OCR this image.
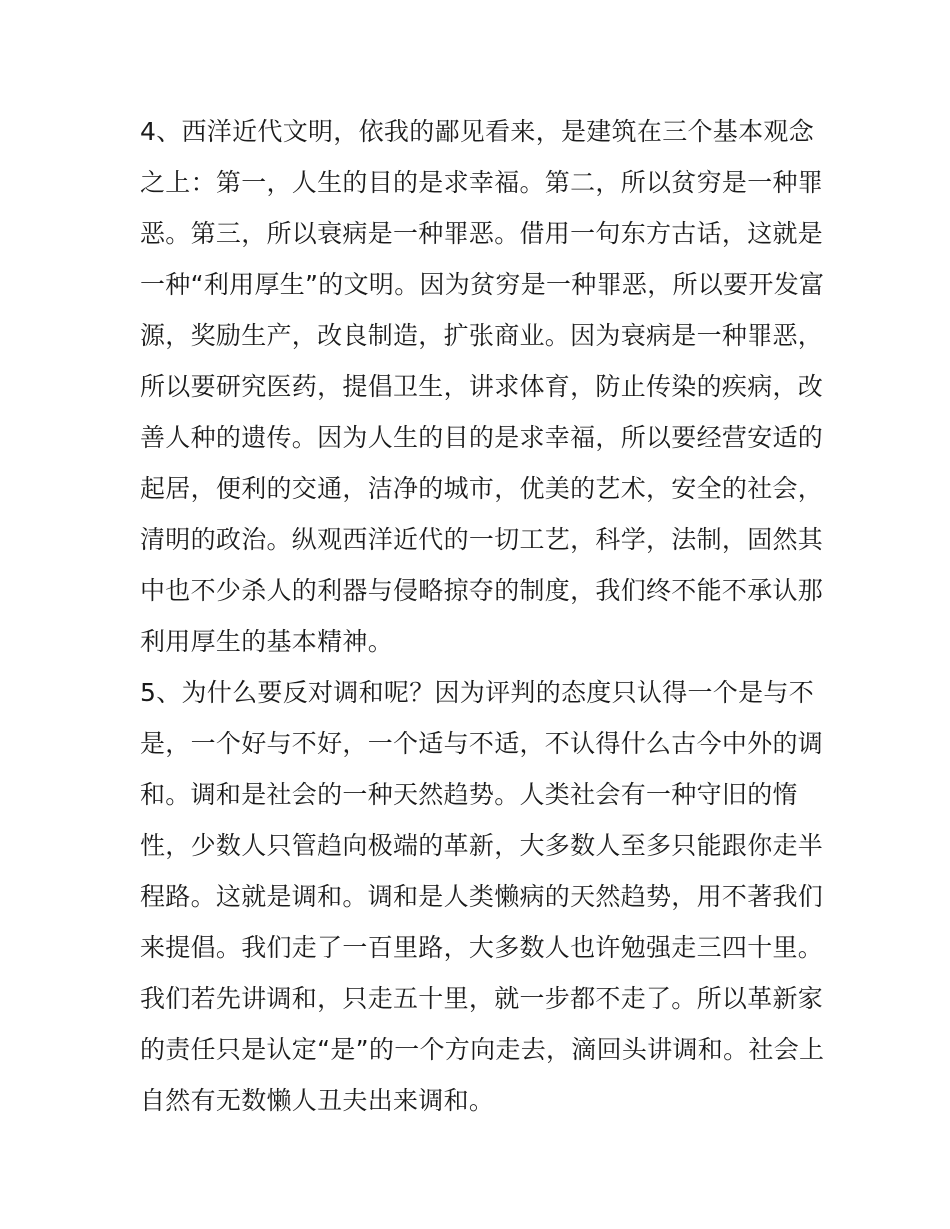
4、西洋近代文明，依我的鄙见看来，是建筑在三个基本观念
之上：第一，人生的目的是求幸福。第二，所以贫穷是一种罪
恶。第三，所以衰病是一种罪恶。借用一句东方古话，这就是
一种“利用厚生”的文明。因为贫穷是一种罪恶，所以要开发富
源，奖励生产，改良制造，扩张商业。因为衰病是一种罪恶，
所以要研究医药，提倡卫生，讲求体育，防止传染的疾病，改
善人种的遗传。因为人生的目的是求幸福，所以要经营安适的
起居，便利的交通，洁净的城市，优美的艺术，安全的社会，
清明的政治。纵观西洋近代的一切工艺，科学，法制，固然其
中也不少杀人的利器与侵略掠夺的制度，我们终不能不承认那
利用厚生的基本精神。
5、为什么要反对调和呢？因为评判的态度只认得一个是与不
是，一个好与不好，一个适与不适，不认得什么古今中外的调
和。调和是社会的一种天然趋势。人类社会有一种守旧的惰
性，少数人只管趋向极端的革新，大多数人至多只能跟你走半
程路。这就是调和。调和是人类懒病的天然趋势，用不著我们
来提倡。我们走了一百里路，大多数人也许勉强走三四十里。
我们若先讲调和，只走五十里，就一步都不走了。所以革新家
的责任只是认定“是”的一个方向走去，滴回头讲调和。社会上
自然有无数懒人丑夫出来调和。
